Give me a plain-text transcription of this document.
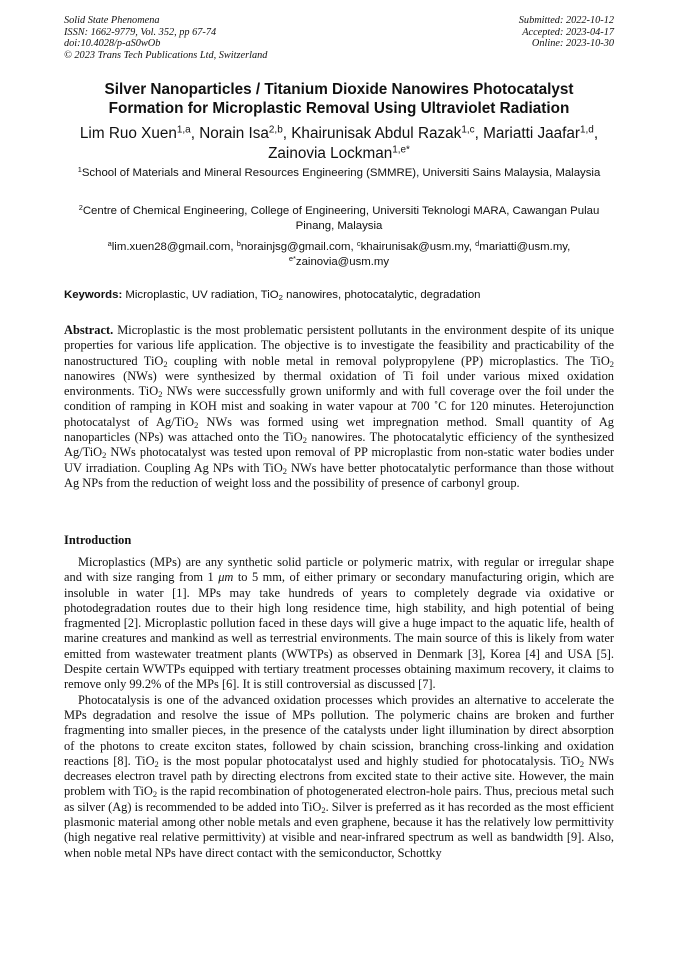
Solid State Phenomena
ISSN: 1662-9779, Vol. 352, pp 67-74
doi:10.4028/p-aS0wOb
© 2023 Trans Tech Publications Ltd, Switzerland
Submitted: 2022-10-12
Accepted: 2023-04-17
Online: 2023-10-30
Silver Nanoparticles / Titanium Dioxide Nanowires Photocatalyst
Formation for Microplastic Removal Using Ultraviolet Radiation
Lim Ruo Xuen$^{1,a}$, Norain Isa$^{2,b}$, Khairunisak Abdul Razak$^{1,c}$, Mariatti Jaafar$^{1,d}$,
Zainovia Lockman$^{1,e*}$
$^1$School of Materials and Mineral Resources Engineering (SMMRE), Universiti Sains Malaysia, Malaysia
$^2$Centre of Chemical Engineering, College of Engineering, Universiti Teknologi MARA, Cawangan Pulau Pinang, Malaysia
$^a$lim.xuen28@gmail.com, $^b$norainjsg@gmail.com, $^c$khairunisak@usm.my, $^d$mariatti@usm.my,
$^{e*}$zainovia@usm.my
Keywords: Microplastic, UV radiation, TiO$_2$ nanowires, photocatalytic, degradation
Abstract. Microplastic is the most problematic persistent pollutants in the environment despite of its unique properties for various life application. The objective is to investigate the feasibility and practicability of the nanostructured TiO$_2$ coupling with noble metal in removal polypropylene (PP) microplastics. The TiO$_2$ nanowires (NWs) were synthesized by thermal oxidation of Ti foil under various mixed oxidation environments. TiO$_2$ NWs were successfully grown uniformly and with full coverage over the foil under the condition of ramping in KOH mist and soaking in water vapour at 700 ˚C for 120 minutes. Heterojunction photocatalyst of Ag/TiO$_2$ NWs was formed using wet impregnation method. Small quantity of Ag nanoparticles (NPs) was attached onto the TiO$_2$ nanowires. The photocatalytic efficiency of the synthesized Ag/TiO$_2$ NWs photocatalyst was tested upon removal of PP microplastic from non-static water bodies under UV irradiation. Coupling Ag NPs with TiO$_2$ NWs have better photocatalytic performance than those without Ag NPs from the reduction of weight loss and the possibility of presence of carbonyl group.
Introduction

Microplastics (MPs) are any synthetic solid particle or polymeric matrix, with regular or irregular shape and with size ranging from 1 μm to 5 mm, of either primary or secondary manufacturing origin, which are insoluble in water [1]. MPs may take hundreds of years to completely degrade via oxidative or photodegradation routes due to their high long residence time, high stability, and high potential of being fragmented [2]. Microplastic pollution faced in these days will give a huge impact to the aquatic life, health of marine creatures and mankind as well as terrestrial environments. The main source of this is likely from water emitted from wastewater treatment plants (WWTPs) as observed in Denmark [3], Korea [4] and USA [5]. Despite certain WWTPs equipped with tertiary treatment processes obtaining maximum recovery, it claims to remove only 99.2% of the MPs [6]. It is still controversial as discussed [7].

Photocatalysis is one of the advanced oxidation processes which provides an alternative to accelerate the MPs degradation and resolve the issue of MPs pollution. The polymeric chains are broken and further fragmenting into smaller pieces, in the presence of the catalysts under light illumination by direct absorption of the photons to create exciton states, followed by chain scission, branching cross-linking and oxidation reactions [8]. TiO$_2$ is the most popular photocatalyst used and highly studied for photocatalysis. TiO$_2$ NWs decreases electron travel path by directing electrons from excited state to their active site. However, the main problem with TiO$_2$ is the rapid recombination of photogenerated electron-hole pairs. Thus, precious metal such as silver (Ag) is recommended to be added into TiO$_2$. Silver is preferred as it has recorded as the most efficient plasmonic material among other noble metals and even graphene, because it has the relatively low permittivity (high negative real relative permittivity) at visible and near-infrared spectrum as well as bandwidth [9]. Also, when noble metal NPs have direct contact with the semiconductor, Schottky
